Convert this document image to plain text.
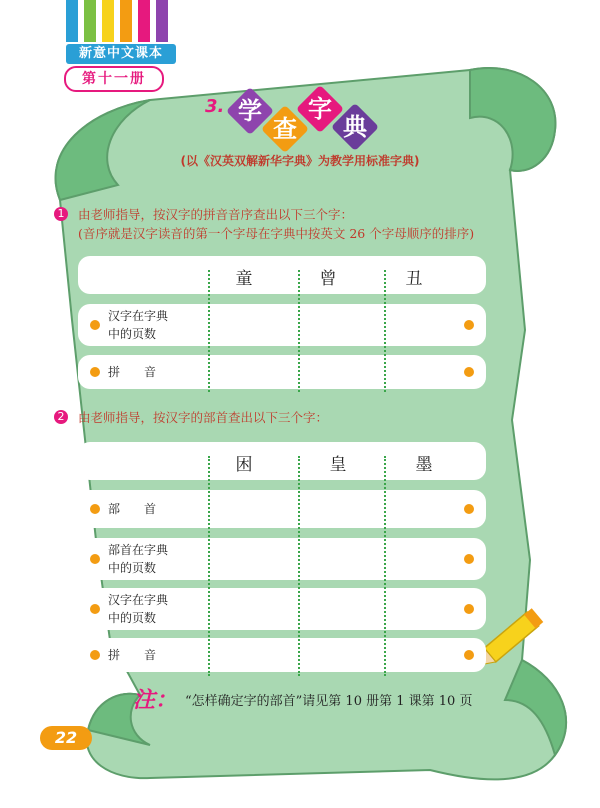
新意中文课本
第十一册
3. 学
查
字
典
(以《汉英双解新华字典》为教学用标准字典)
1 由老师指导，按汉字的拼音音序查出以下三个字：
(音序就是汉字读音的第一个字母在字典中按英文 26 个字母顺序的排序)
童	曾	丑
汉字在字典
中的页数
拼　　音
2 由老师指导，按汉字的部首查出以下三个字：
困	皇	墨
部　　首
部首在字典
中的页数
汉字在字典
中的页数
拼　　音
注： “怎样确定字的部首”请见第 10 册第 1 课第 10 页
22
